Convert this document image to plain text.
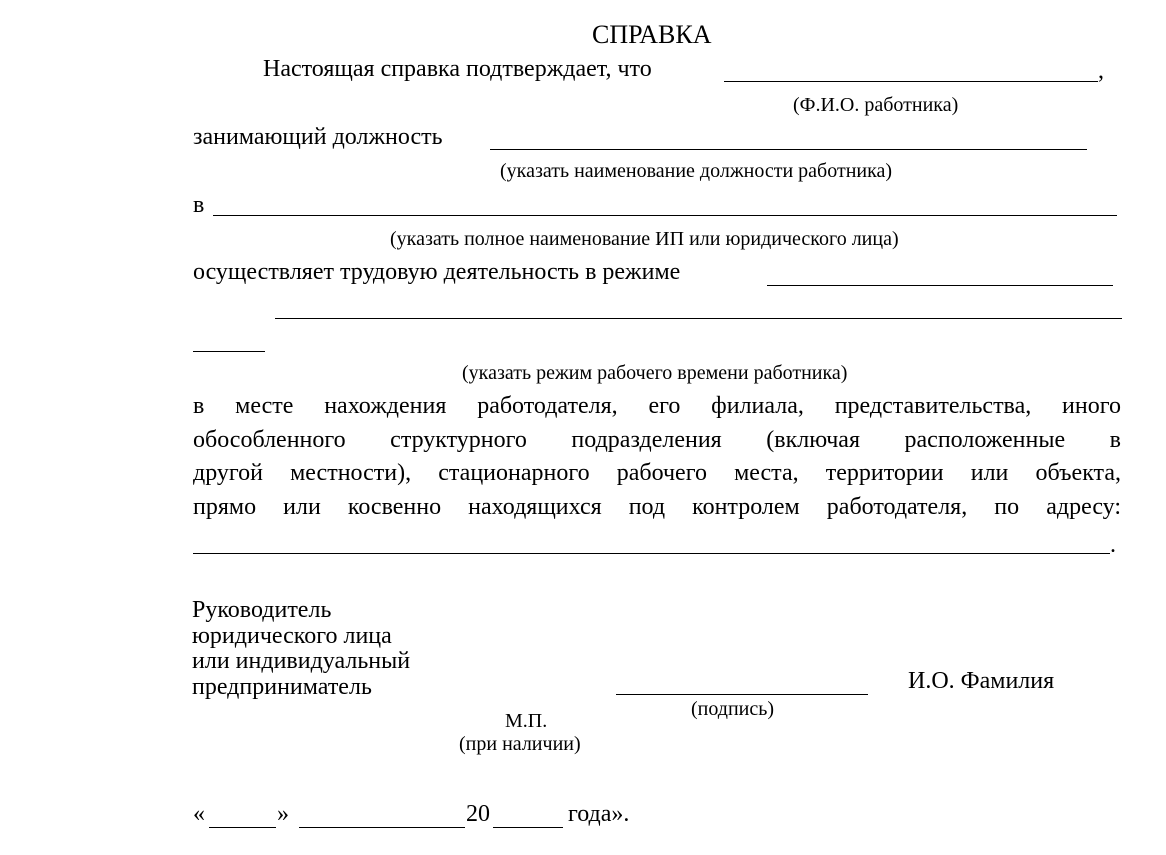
СПРАВКА
Настоящая справка подтверждает, что	,
(Ф.И.О. работника)
занимающий должность
(указать наименование должности работника)
в
(указать полное наименование ИП или юридического лица)
осуществляет трудовую деятельность в режиме
(указать режим рабочего времени работника)
в месте нахождения работодателя, его филиала, представительства, иного
обособленного структурного подразделения (включая расположенные в
другой местности), стационарного рабочего места, территории или объекта,
прямо или косвенно находящихся под контролем работодателя, по адресу:
.
Руководитель
юридического лица
или индивидуальный
предприниматель
(подпись)
И.О. Фамилия
М.П.
(при наличии)
«	»	20	года».
